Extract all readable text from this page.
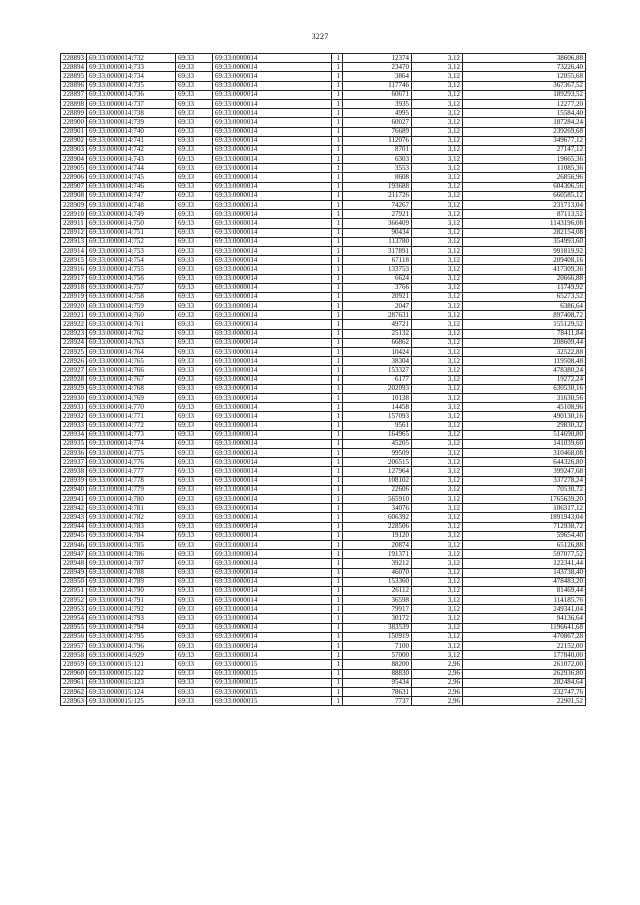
3227
228893	69:33:0000014:732	69:33	69:33:0000014	1	12374	3,12	38606,88
228894	69:33:0000014:733	69:33	69:33:0000014	1	23470	3,12	73226,40
228895	69:33:0000014:734	69:33	69:33:0000014	1	3864	3,12	12055,68
228896	69:33:0000014:735	69:33	69:33:0000014	1	117746	3,12	367367,52
228897	69:33:0000014:736	69:33	69:33:0000014	1	60671	3,12	189293,52
228898	69:33:0000014:737	69:33	69:33:0000014	1	3935	3,12	12277,20
228899	69:33:0000014:738	69:33	69:33:0000014	1	4995	3,12	15584,40
228900	69:33:0000014:739	69:33	69:33:0000014	1	60027	3,12	187284,24
228901	69:33:0000014:740	69:33	69:33:0000014	1	76689	3,12	239269,68
228902	69:33:0000014:741	69:33	69:33:0000014	1	112076	3,12	349677,12
228903	69:33:0000014:742	69:33	69:33:0000014	1	8701	3,12	27147,12
228904	69:33:0000014:743	69:33	69:33:0000014	1	6303	3,12	19665,36
228905	69:33:0000014:744	69:33	69:33:0000014	1	3553	3,12	11085,36
228906	69:33:0000014:745	69:33	69:33:0000014	1	8608	3,12	26856,96
228907	69:33:0000014:746	69:33	69:33:0000014	1	193688	3,12	604306,56
228908	69:33:0000014:747	69:33	69:33:0000014	1	211726	3,12	660585,12
228909	69:33:0000014:748	69:33	69:33:0000014	1	74267	3,12	231713,04
228910	69:33:0000014:749	69:33	69:33:0000014	1	27921	3,12	87113,52
228911	69:33:0000014:750	69:33	69:33:0000014	1	366409	3,12	1143196,08
228912	69:33:0000014:751	69:33	69:33:0000014	1	90434	3,12	282154,08
228913	69:33:0000014:752	69:33	69:33:0000014	1	113780	3,12	354993,60
228914	69:33:0000014:753	69:33	69:33:0000014	1	317891	3,12	991819,92
228915	69:33:0000014:754	69:33	69:33:0000014	1	67118	3,12	209408,16
228916	69:33:0000014:755	69:33	69:33:0000014	1	133753	3,12	417309,36
228917	69:33:0000014:756	69:33	69:33:0000014	1	6624	3,12	20666,88
228918	69:33:0000014:757	69:33	69:33:0000014	1	3766	3,12	11749,92
228919	69:33:0000014:758	69:33	69:33:0000014	1	20921	3,12	65273,52
228920	69:33:0000014:759	69:33	69:33:0000014	1	2047	3,12	6386,64
228921	69:33:0000014:760	69:33	69:33:0000014	1	287631	3,12	897408,72
228922	69:33:0000014:761	69:33	69:33:0000014	1	49721	3,12	155129,52
228923	69:33:0000014:762	69:33	69:33:0000014	1	25132	3,12	78411,84
228924	69:33:0000014:763	69:33	69:33:0000014	1	66862	3,12	208609,44
228925	69:33:0000014:764	69:33	69:33:0000014	1	10424	3,12	32522,88
228926	69:33:0000014:765	69:33	69:33:0000014	1	38304	3,12	119508,48
228927	69:33:0000014:766	69:33	69:33:0000014	1	153327	3,12	478380,24
228928	69:33:0000014:767	69:33	69:33:0000014	1	6177	3,12	19272,24
228929	69:33:0000014:768	69:33	69:33:0000014	1	202093	3,12	630530,16
228930	69:33:0000014:769	69:33	69:33:0000014	1	10138	3,12	31630,56
228931	69:33:0000014:770	69:33	69:33:0000014	1	14458	3,12	45108,96
228932	69:33:0000014:771	69:33	69:33:0000014	1	157093	3,12	490130,16
228933	69:33:0000014:772	69:33	69:33:0000014	1	9561	3,12	29830,32
228934	69:33:0000014:773	69:33	69:33:0000014	1	164965	3,12	514690,80
228935	69:33:0000014:774	69:33	69:33:0000014	1	45205	3,12	141039,60
228936	69:33:0000014:775	69:33	69:33:0000014	1	99509	3,12	310468,08
228937	69:33:0000014:776	69:33	69:33:0000014	1	206515	3,12	644326,80
228938	69:33:0000014:777	69:33	69:33:0000014	1	127964	3,12	399247,68
228939	69:33:0000014:778	69:33	69:33:0000014	1	108102	3,12	337278,24
228940	69:33:0000014:779	69:33	69:33:0000014	1	22606	3,12	70530,72
228941	69:33:0000014:780	69:33	69:33:0000014	1	565910	3,12	1765639,20
228942	69:33:0000014:781	69:33	69:33:0000014	1	34076	3,12	106317,12
228943	69:33:0000014:782	69:33	69:33:0000014	1	606392	3,12	1891943,04
228944	69:33:0000014:783	69:33	69:33:0000014	1	228506	3,12	712938,72
228945	69:33:0000014:784	69:33	69:33:0000014	1	19120	3,12	59654,40
228946	69:33:0000014:785	69:33	69:33:0000014	1	20874	3,12	65126,88
228947	69:33:0000014:786	69:33	69:33:0000014	1	191371	3,12	597077,52
228948	69:33:0000014:787	69:33	69:33:0000014	1	39212	3,12	122341,44
228949	69:33:0000014:788	69:33	69:33:0000014	1	46070	3,12	143738,40
228950	69:33:0000014:789	69:33	69:33:0000014	1	153360	3,12	478483,20
228951	69:33:0000014:790	69:33	69:33:0000014	1	26112	3,12	81469,44
228952	69:33:0000014:791	69:33	69:33:0000014	1	36598	3,12	114185,76
228953	69:33:0000014:792	69:33	69:33:0000014	1	79917	3,12	249341,04
228954	69:33:0000014:793	69:33	69:33:0000014	1	30172	3,12	94136,64
228955	69:33:0000014:794	69:33	69:33:0000014	1	383539	3,12	1196641,68
228956	69:33:0000014:795	69:33	69:33:0000014	1	150919	3,12	470867,28
228957	69:33:0000014:796	69:33	69:33:0000014	1	7100	3,12	22152,00
228958	69:33:0000014:929	69:33	69:33:0000014	1	57000	3,12	177840,00
228959	69:33:0000015:121	69:33	69:33:0000015	1	88200	2,96	261072,00
228960	69:33:0000015:122	69:33	69:33:0000015	1	88830	2,96	262936,80
228961	69:33:0000015:123	69:33	69:33:0000015	1	95434	2,96	282484,64
228962	69:33:0000015:124	69:33	69:33:0000015	1	78631	2,96	232747,76
228963	69:33:0000015:125	69:33	69:33:0000015	1	7737	2,96	22901,52
